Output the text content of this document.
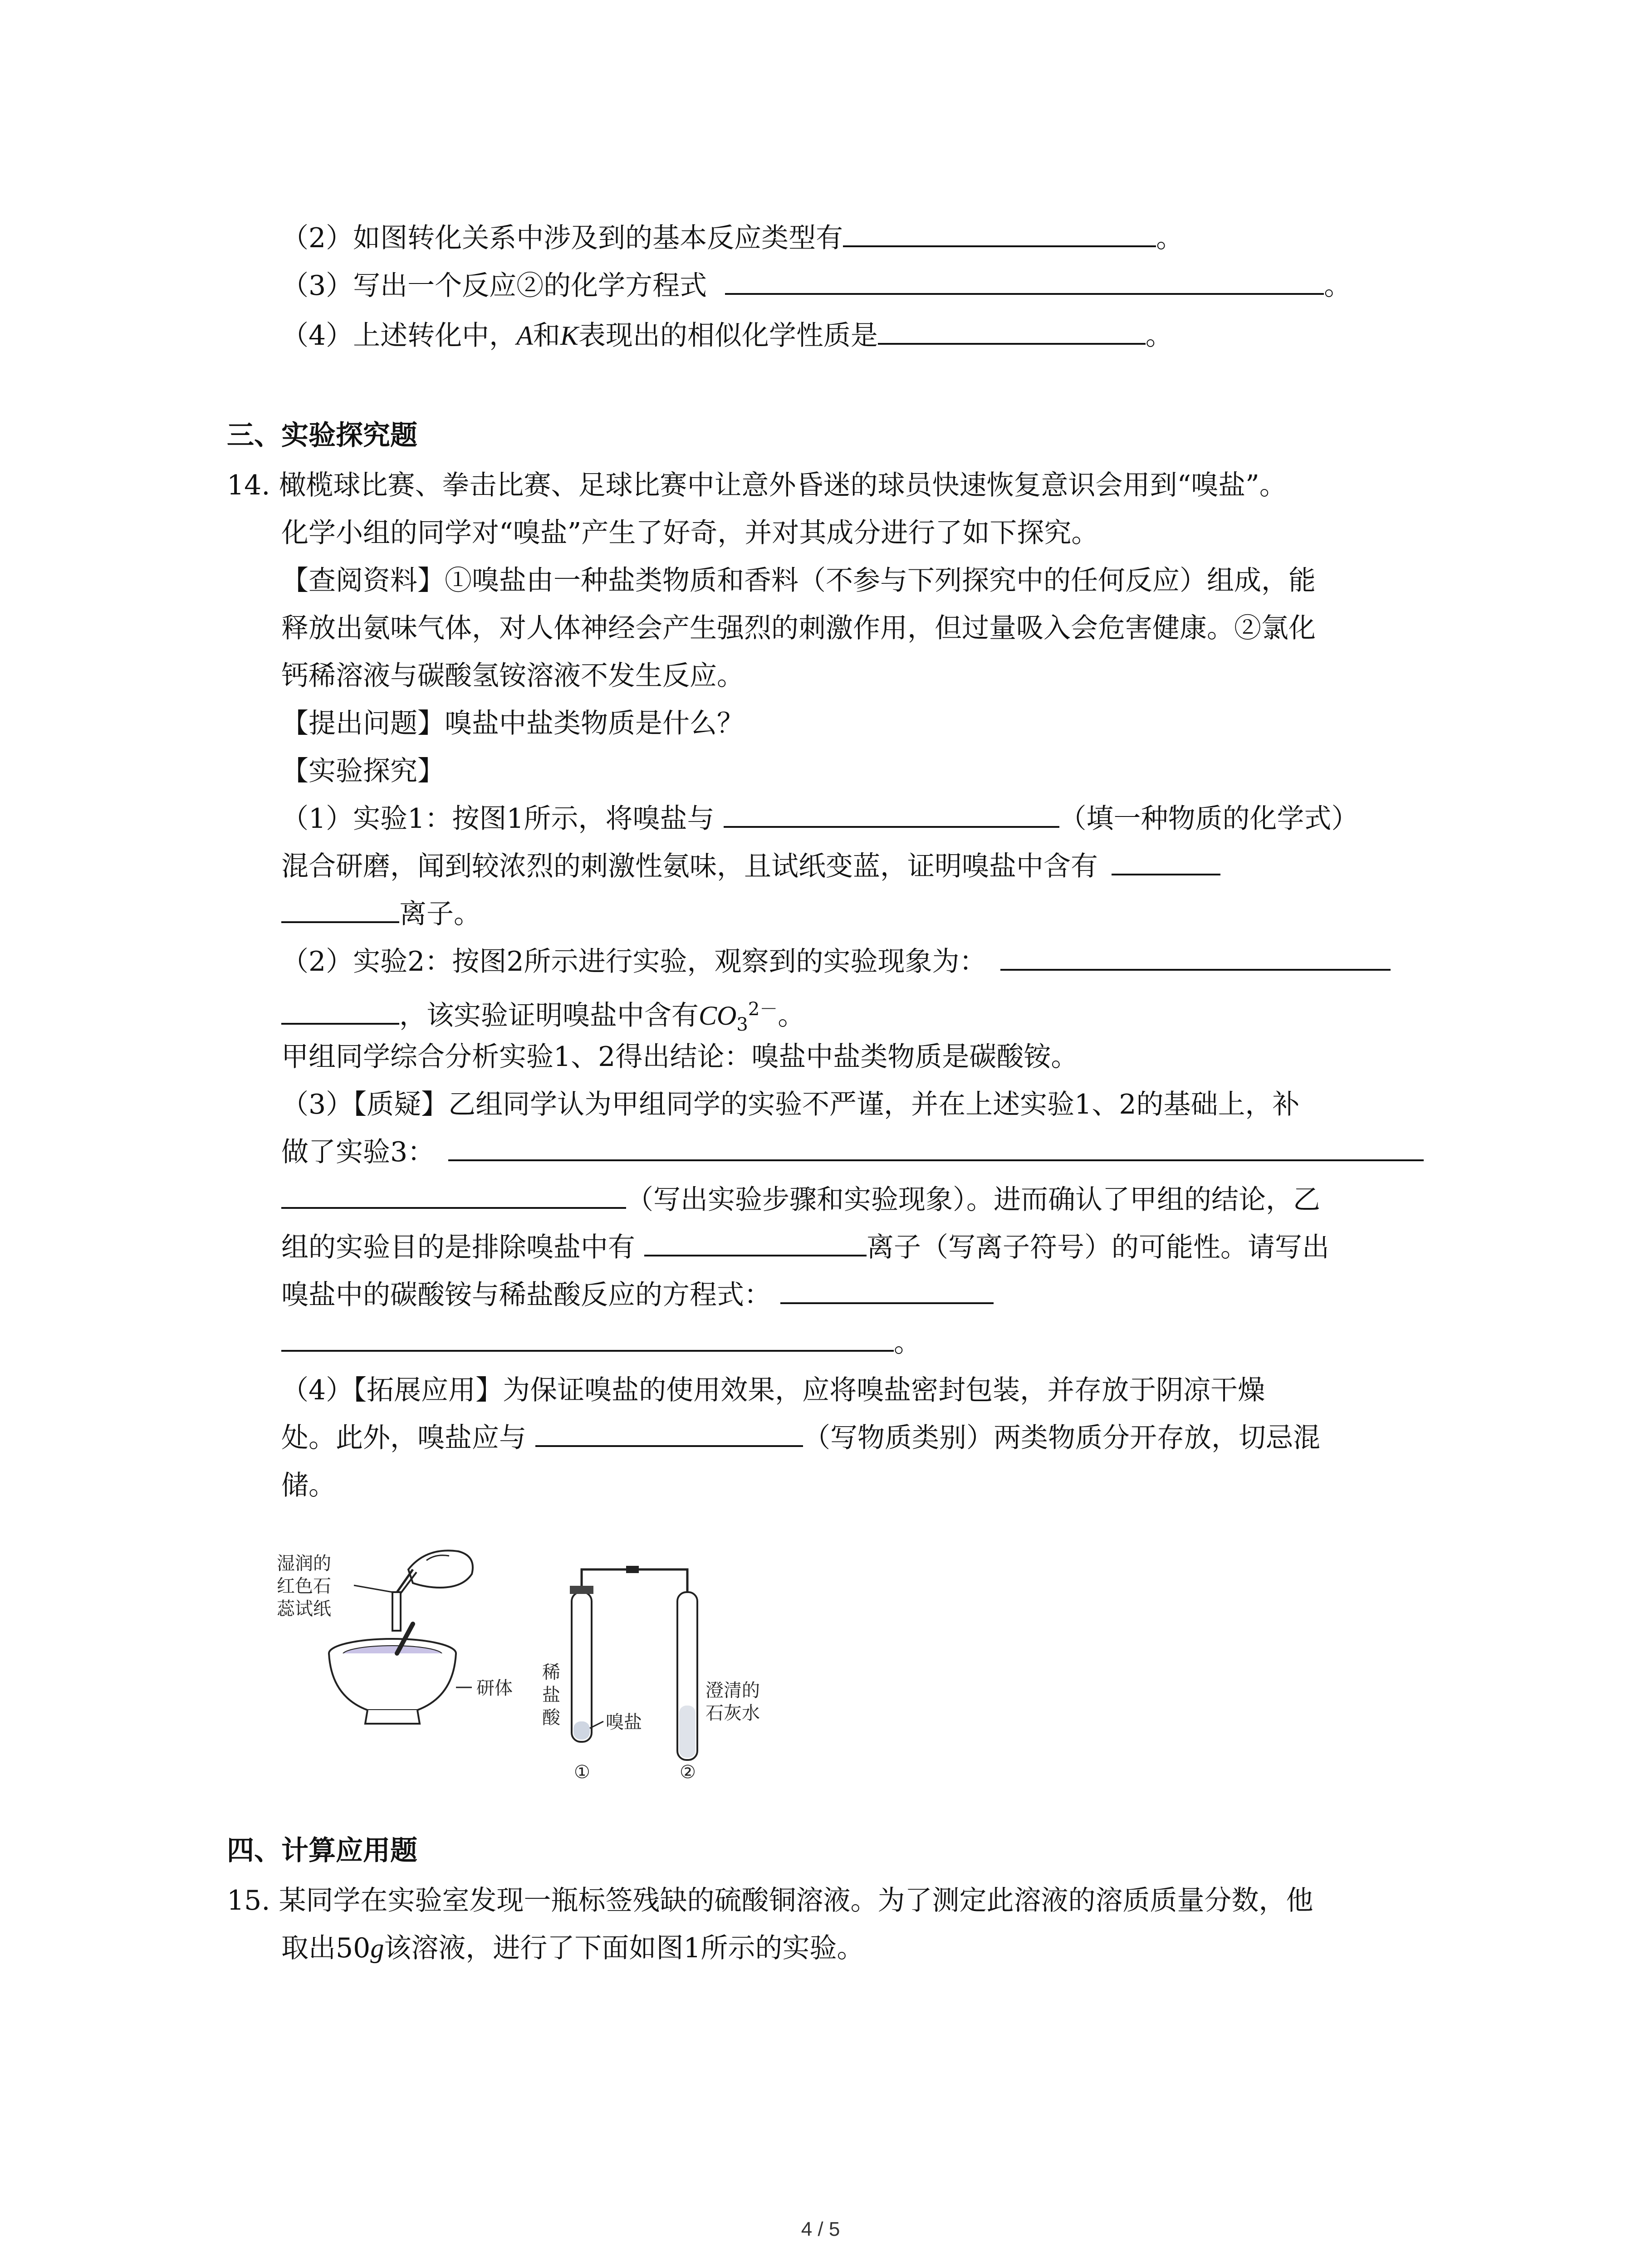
（2）如图转化关系中涉及到的基本反应类型有	。
（3）写出一个反应②的化学方程式	。
（4）上述转化中，A和K表现出的相似化学性质是	。
三、实验探究题
14. 橄榄球比赛、拳击比赛、足球比赛中让意外昏迷的球员快速恢复意识会用到“嗅盐”。
化学小组的同学对“嗅盐”产生了好奇，并对其成分进行了如下探究。
【查阅资料】①嗅盐由一种盐类物质和香料（不参与下列探究中的任何反应）组成，能
释放出氨味气体，对人体神经会产生强烈的刺激作用，但过量吸入会危害健康。②氯化
钙稀溶液与碳酸氢铵溶液不发生反应。
【提出问题】嗅盐中盐类物质是什么？
【实验探究】
（1）实验1：按图1所示，将嗅盐与	（填一种物质的化学式）
混合研磨，闻到较浓烈的刺激性氨味，且试纸变蓝，证明嗅盐中含有
离子。
（2）实验2：按图2所示进行实验，观察到的实验现象为：
，该实验证明嗅盐中含有$CO_3^{2-}$。
甲组同学综合分析实验1、2得出结论：嗅盐中盐类物质是碳酸铵。
（3）【质疑】乙组同学认为甲组同学的实验不严谨，并在上述实验1、2的基础上，补
做了实验3：
（写出实验步骤和实验现象）。进而确认了甲组的结论，乙
组的实验目的是排除嗅盐中有	离子（写离子符号）的可能性。请写出
嗅盐中的碳酸铵与稀盐酸反应的方程式：
。
（4）【拓展应用】为保证嗅盐的使用效果，应将嗅盐密封包装，并存放于阴凉干燥
处。此外，嗅盐应与	（写物质类别）两类物质分开存放，切忌混
储。
湿润的
红色石
蕊试纸
研体
稀
盐
酸	嗅盐
澄清的
石灰水
①	②
四、计算应用题
15. 某同学在实验室发现一瓶标签残缺的硫酸铜溶液。为了测定此溶液的溶质质量分数，他
取出50g该溶液，进行了下面如图1所示的实验。
4 / 5
